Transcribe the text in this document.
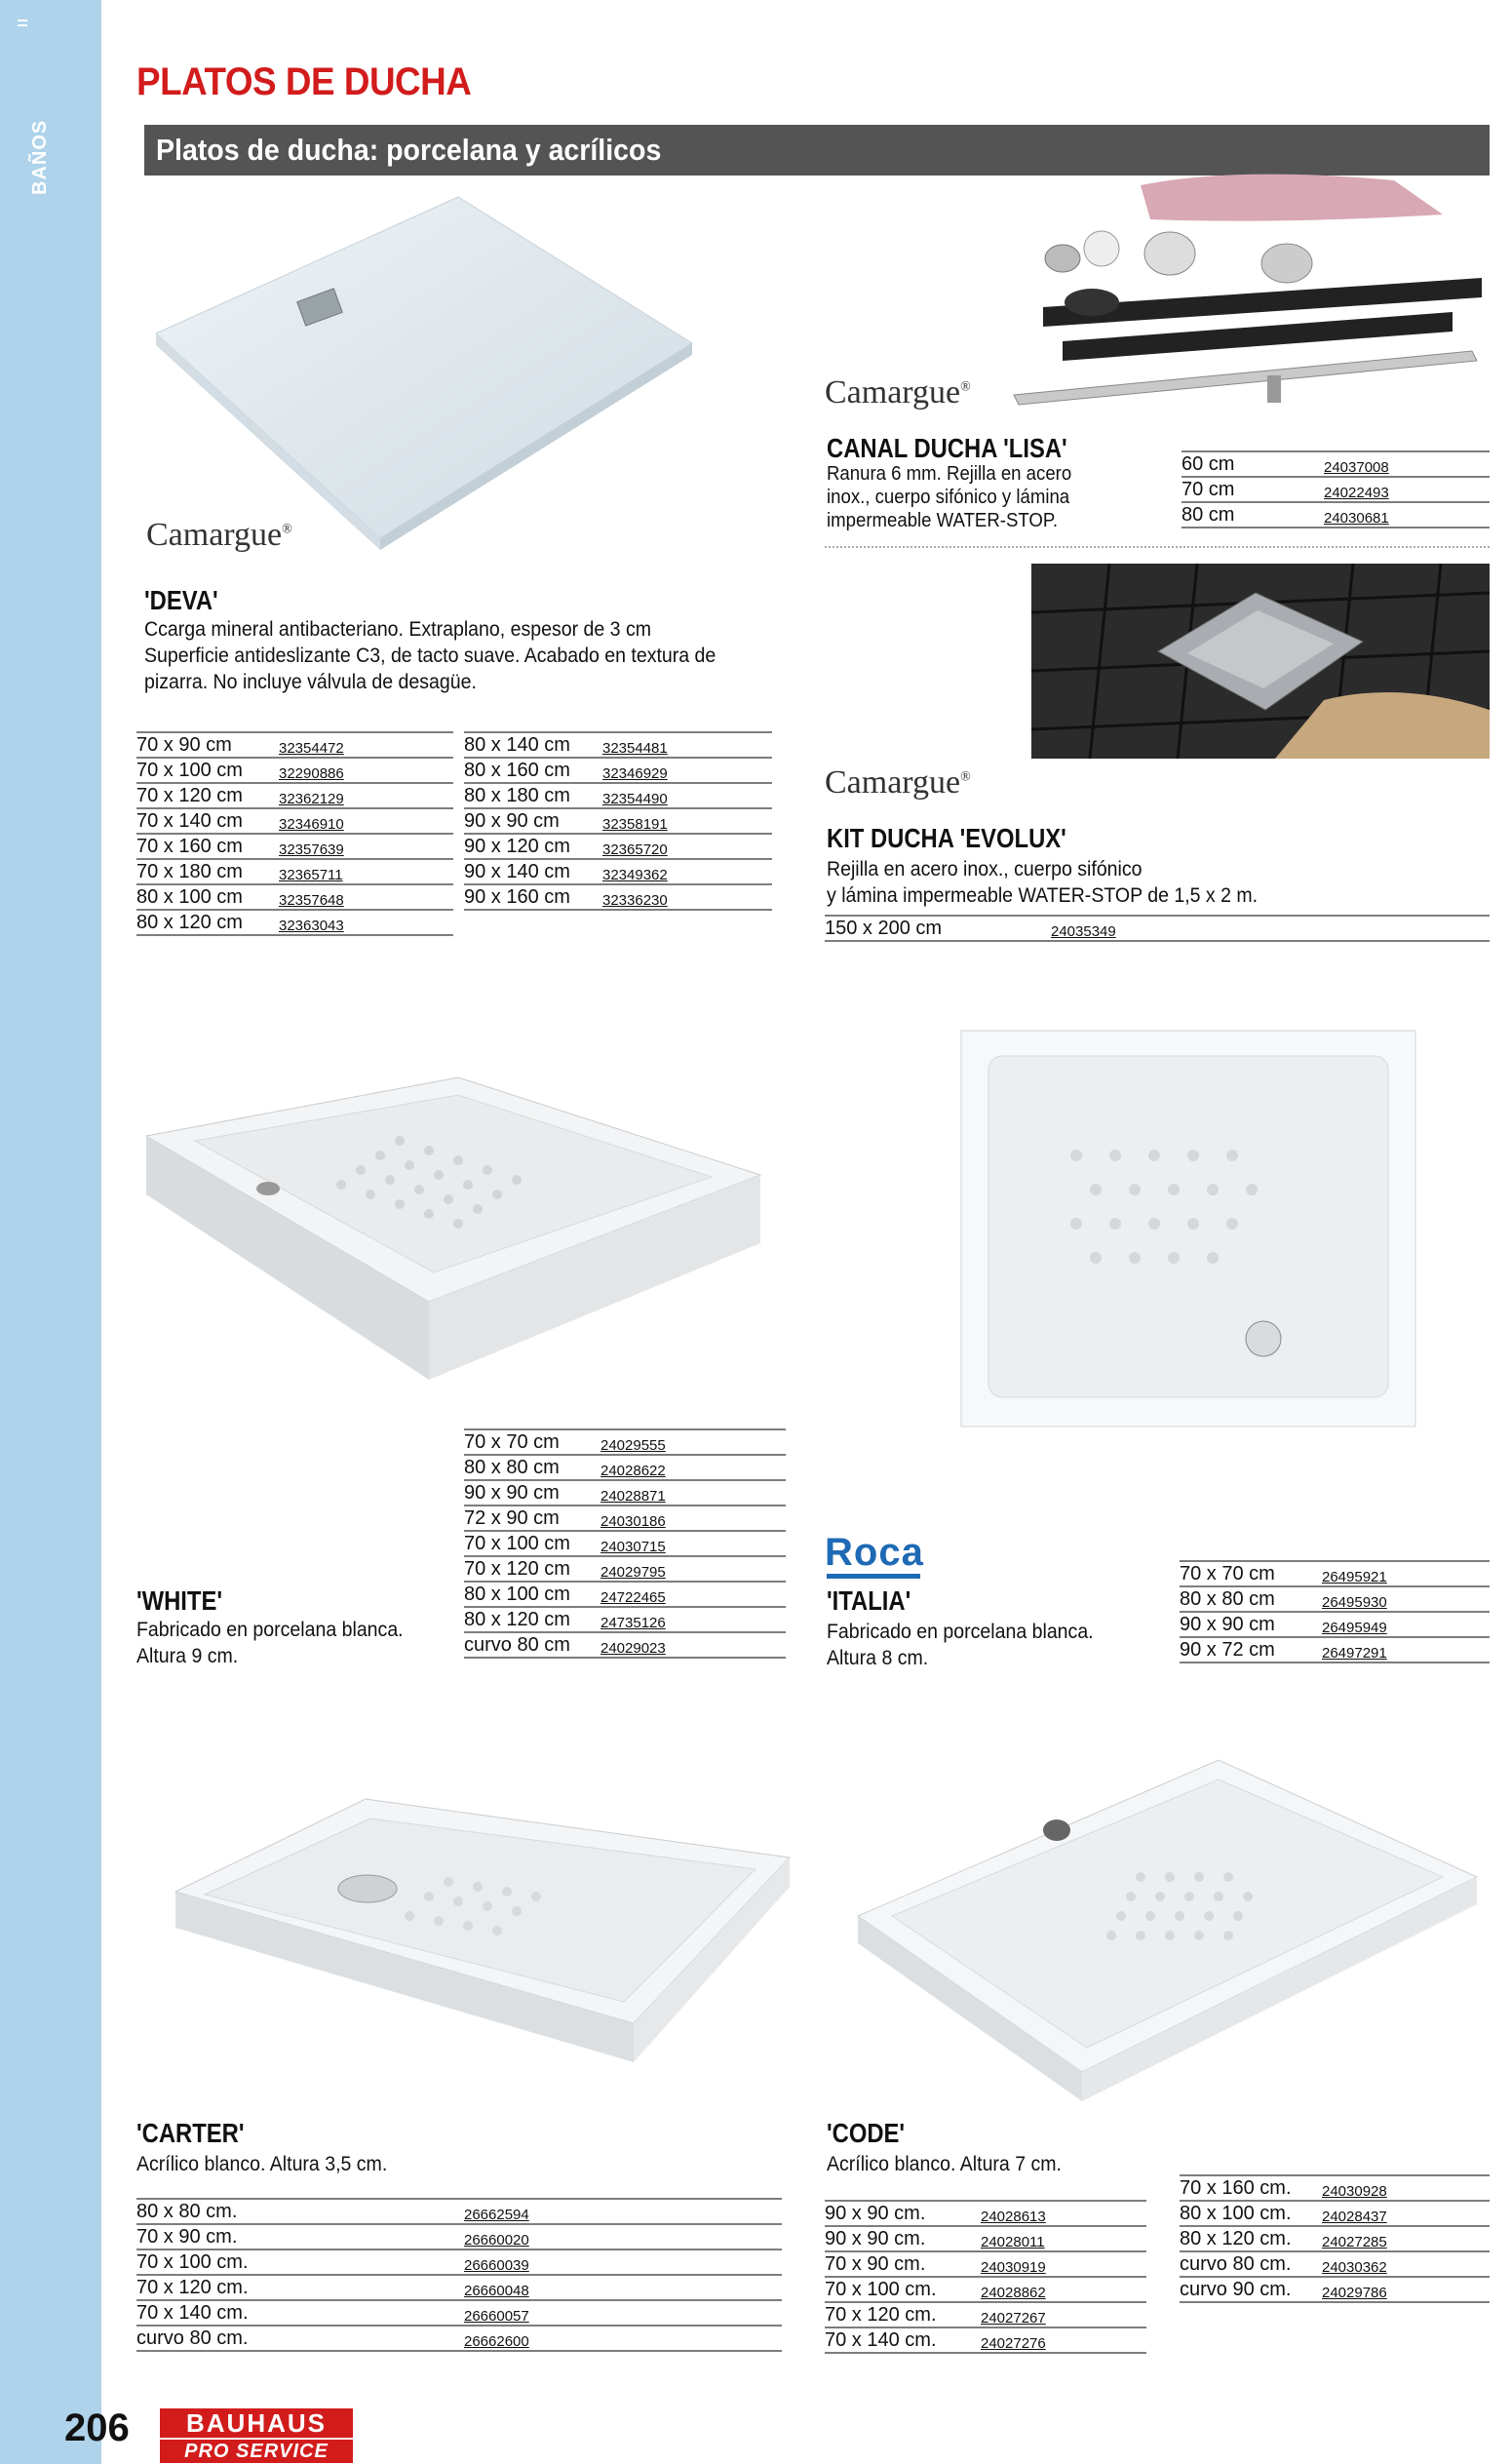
BAÑOS
PLATOS DE DUCHA
Platos de ducha: porcelana y acrílicos
Camargue®
Camargue®
CANAL DUCHA 'LISA'
Ranura 6 mm. Rejilla en acero
inox., cuerpo sifónico y lámina
impermeable WATER-STOP.
60 cm	24037008
70 cm	24022493
80 cm	24030681
'DEVA'
Ccarga mineral antibacteriano. Extraplano, espesor de 3 cm
Superficie antideslizante C3, de tacto suave. Acabado en textura de
pizarra. No incluye válvula de desagüe.
70 x 90 cm	32354472
70 x 100 cm	32290886
70 x 120 cm	32362129
70 x 140 cm	32346910
70 x 160 cm	32357639
70 x 180 cm	32365711
80 x 100 cm	32357648
80 x 120 cm	32363043
80 x 140 cm	32354481
80 x 160 cm	32346929
80 x 180 cm	32354490
90 x 90 cm	32358191
90 x 120 cm	32365720
90 x 140 cm	32349362
90 x 160 cm	32336230
Camargue®
KIT DUCHA 'EVOLUX'
Rejilla en acero inox., cuerpo sifónico
y lámina impermeable WATER-STOP de 1,5 x 2 m.
150 x 200 cm	24035349
70 x 70 cm	24029555
80 x 80 cm	24028622
90 x 90 cm	24028871
72 x 90 cm	24030186
70 x 100 cm	24030715
70 x 120 cm	24029795
80 x 100 cm	24722465
80 x 120 cm	24735126
curvo 80 cm	24029023
'WHITE'
Fabricado en porcelana blanca.
Altura 9 cm.
Roca
'ITALIA'
Fabricado en porcelana blanca.
Altura 8 cm.
70 x 70 cm	26495921
80 x 80 cm	26495930
90 x 90 cm	26495949
90 x 72 cm	26497291
'CARTER'
Acrílico blanco. Altura 3,5 cm.
80 x 80 cm.	26662594
70 x 90 cm.	26660020
70 x 100 cm.	26660039
70 x 120 cm.	26660048
70 x 140 cm.	26660057
curvo 80 cm.	26662600
'CODE'
Acrílico blanco. Altura 7 cm.
90 x 90 cm.	24028613
90 x 90 cm.	24028011
70 x 90 cm.	24030919
70 x 100 cm.	24028862
70 x 120 cm.	24027267
70 x 140 cm.	24027276
70 x 160 cm.	24030928
80 x 100 cm.	24028437
80 x 120 cm.	24027285
curvo 80 cm.	24030362
curvo 90 cm.	24029786
206	BAUHAUS
PRO SERVICE
